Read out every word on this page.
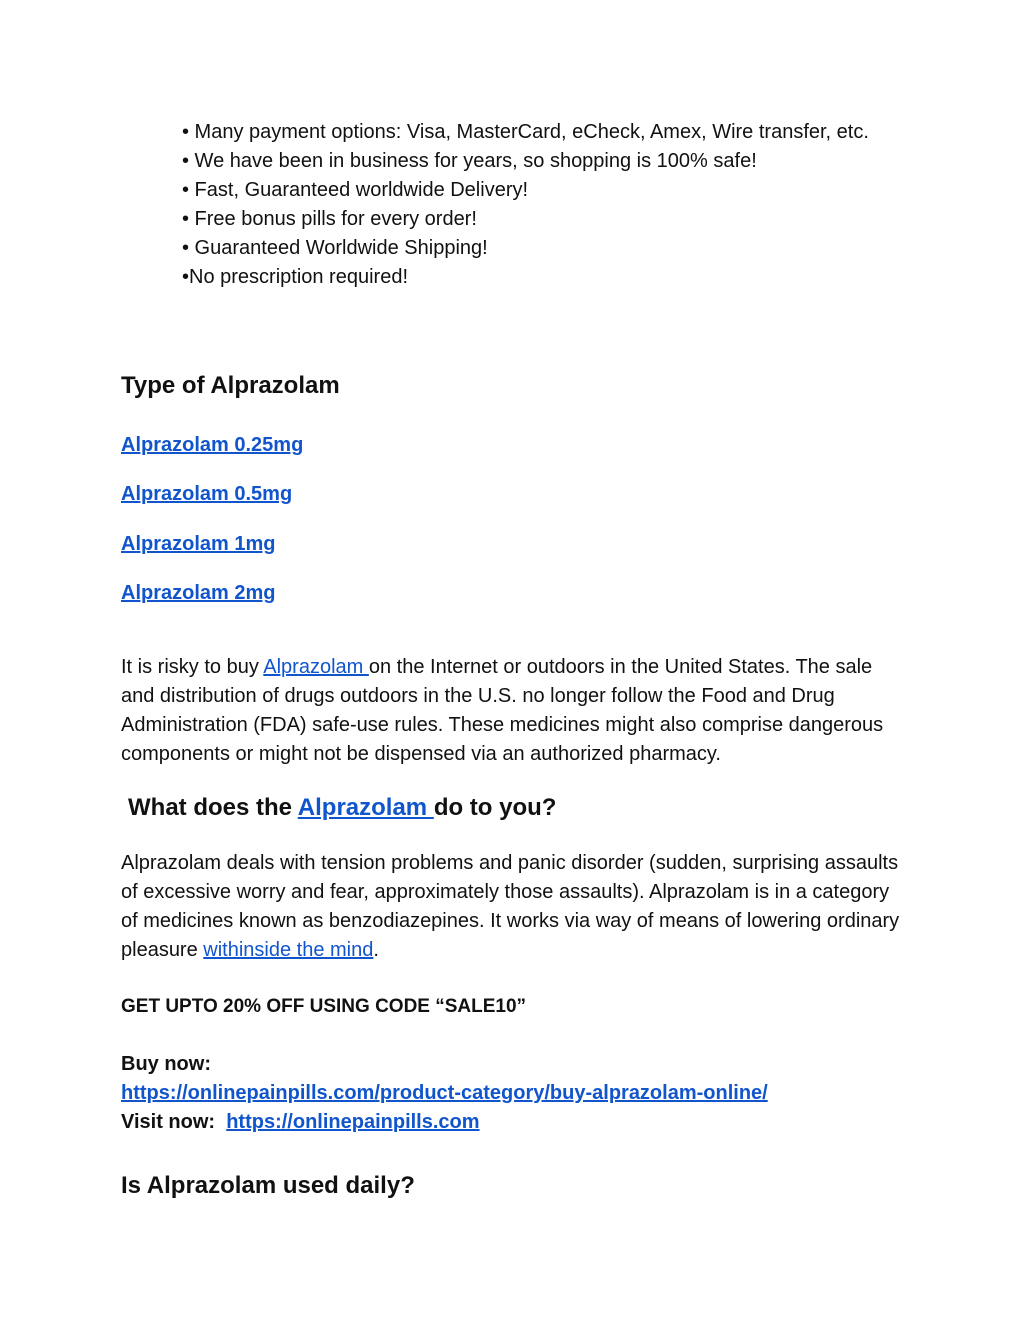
• Many payment options: Visa, MasterCard, eCheck, Amex, Wire transfer, etc.
• We have been in business for years, so shopping is 100% safe!
• Fast, Guaranteed worldwide Delivery!
• Free bonus pills for every order!
• Guaranteed Worldwide Shipping!
•No prescription required!
Type of Alprazolam
Alprazolam 0.25mg
Alprazolam 0.5mg
Alprazolam 1mg
Alprazolam 2mg
It is risky to buy Alprazolam on the Internet or outdoors in the United States. The sale and distribution of drugs outdoors in the U.S. no longer follow the Food and Drug Administration (FDA) safe-use rules. These medicines might also comprise dangerous components or might not be dispensed via an authorized pharmacy.
What does the Alprazolam do to you?
Alprazolam deals with tension problems and panic disorder (sudden, surprising assaults of excessive worry and fear, approximately those assaults). Alprazolam is in a category of medicines known as benzodiazepines. It works via way of means of lowering ordinary pleasure withinside the mind.
GET UPTO 20% OFF USING CODE “SALE10”
Buy now:
https://onlinepainpills.com/product-category/buy-alprazolam-online/
Visit now:  https://onlinepainpills.com
Is Alprazolam used daily?
